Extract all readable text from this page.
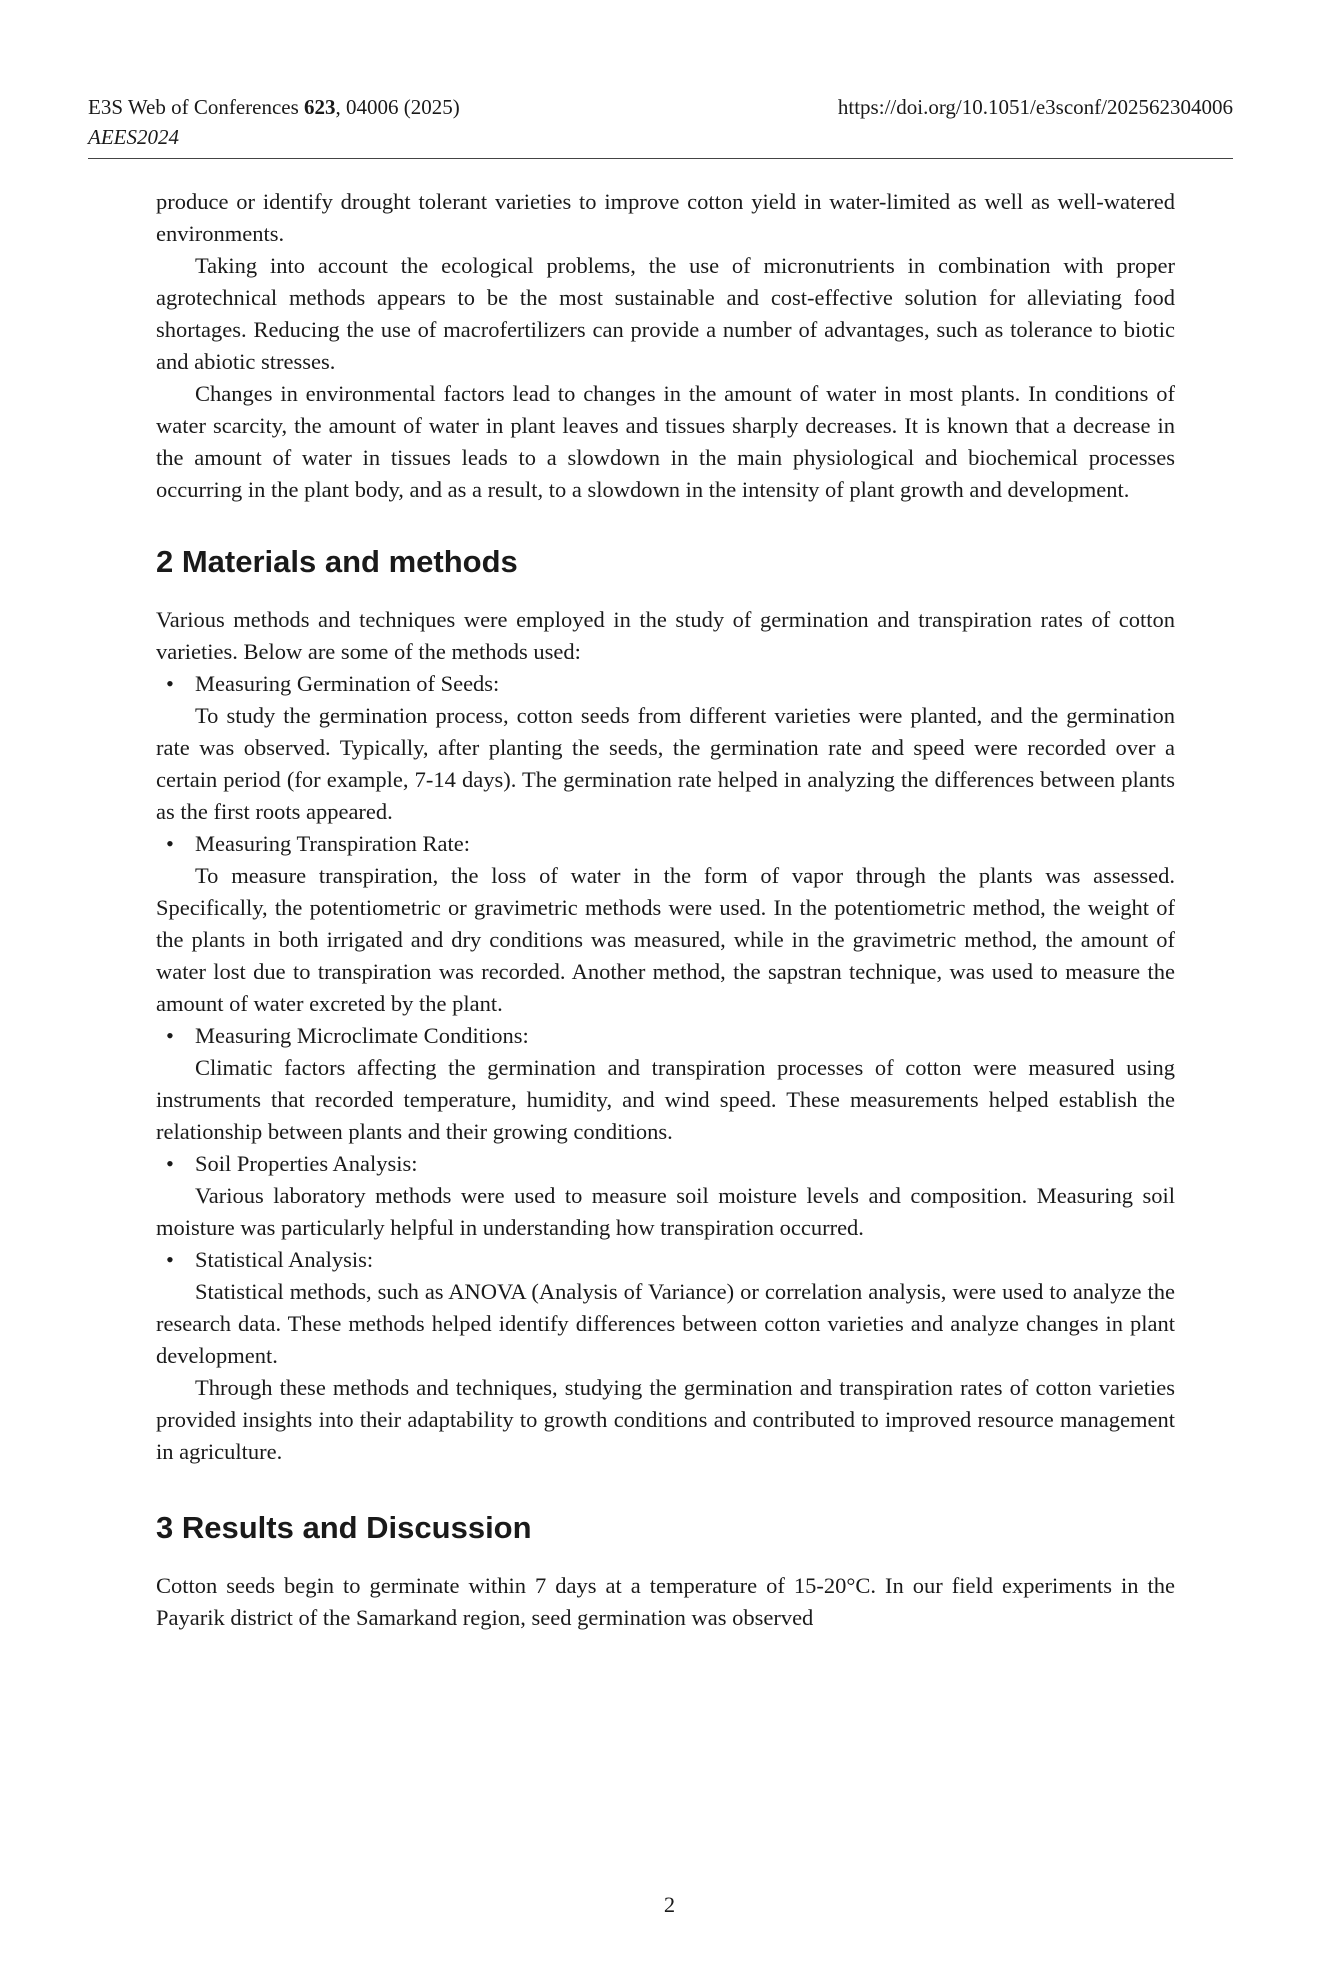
E3S Web of Conferences 623, 04006 (2025)	https://doi.org/10.1051/e3sconf/202562304006
AEES2024

produce or identify drought tolerant varieties to improve cotton yield in water-limited as well as well-watered environments.

Taking into account the ecological problems, the use of micronutrients in combination with proper agrotechnical methods appears to be the most sustainable and cost-effective solution for alleviating food shortages. Reducing the use of macrofertilizers can provide a number of advantages, such as tolerance to biotic and abiotic stresses.

Changes in environmental factors lead to changes in the amount of water in most plants. In conditions of water scarcity, the amount of water in plant leaves and tissues sharply decreases. It is known that a decrease in the amount of water in tissues leads to a slowdown in the main physiological and biochemical processes occurring in the plant body, and as a result, to a slowdown in the intensity of plant growth and development.

2 Materials and methods

Various methods and techniques were employed in the study of germination and transpiration rates of cotton varieties. Below are some of the methods used:

• Measuring Germination of Seeds:

To study the germination process, cotton seeds from different varieties were planted, and the germination rate was observed. Typically, after planting the seeds, the germination rate and speed were recorded over a certain period (for example, 7-14 days). The germination rate helped in analyzing the differences between plants as the first roots appeared.

• Measuring Transpiration Rate:

To measure transpiration, the loss of water in the form of vapor through the plants was assessed. Specifically, the potentiometric or gravimetric methods were used. In the potentiometric method, the weight of the plants in both irrigated and dry conditions was measured, while in the gravimetric method, the amount of water lost due to transpiration was recorded. Another method, the sapstran technique, was used to measure the amount of water excreted by the plant.

• Measuring Microclimate Conditions:

Climatic factors affecting the germination and transpiration processes of cotton were measured using instruments that recorded temperature, humidity, and wind speed. These measurements helped establish the relationship between plants and their growing conditions.

• Soil Properties Analysis:

Various laboratory methods were used to measure soil moisture levels and composition. Measuring soil moisture was particularly helpful in understanding how transpiration occurred.

• Statistical Analysis:

Statistical methods, such as ANOVA (Analysis of Variance) or correlation analysis, were used to analyze the research data. These methods helped identify differences between cotton varieties and analyze changes in plant development.

Through these methods and techniques, studying the germination and transpiration rates of cotton varieties provided insights into their adaptability to growth conditions and contributed to improved resource management in agriculture.

3 Results and Discussion

Cotton seeds begin to germinate within 7 days at a temperature of 15-20°C. In our field experiments in the Payarik district of the Samarkand region, seed germination was observed

2
